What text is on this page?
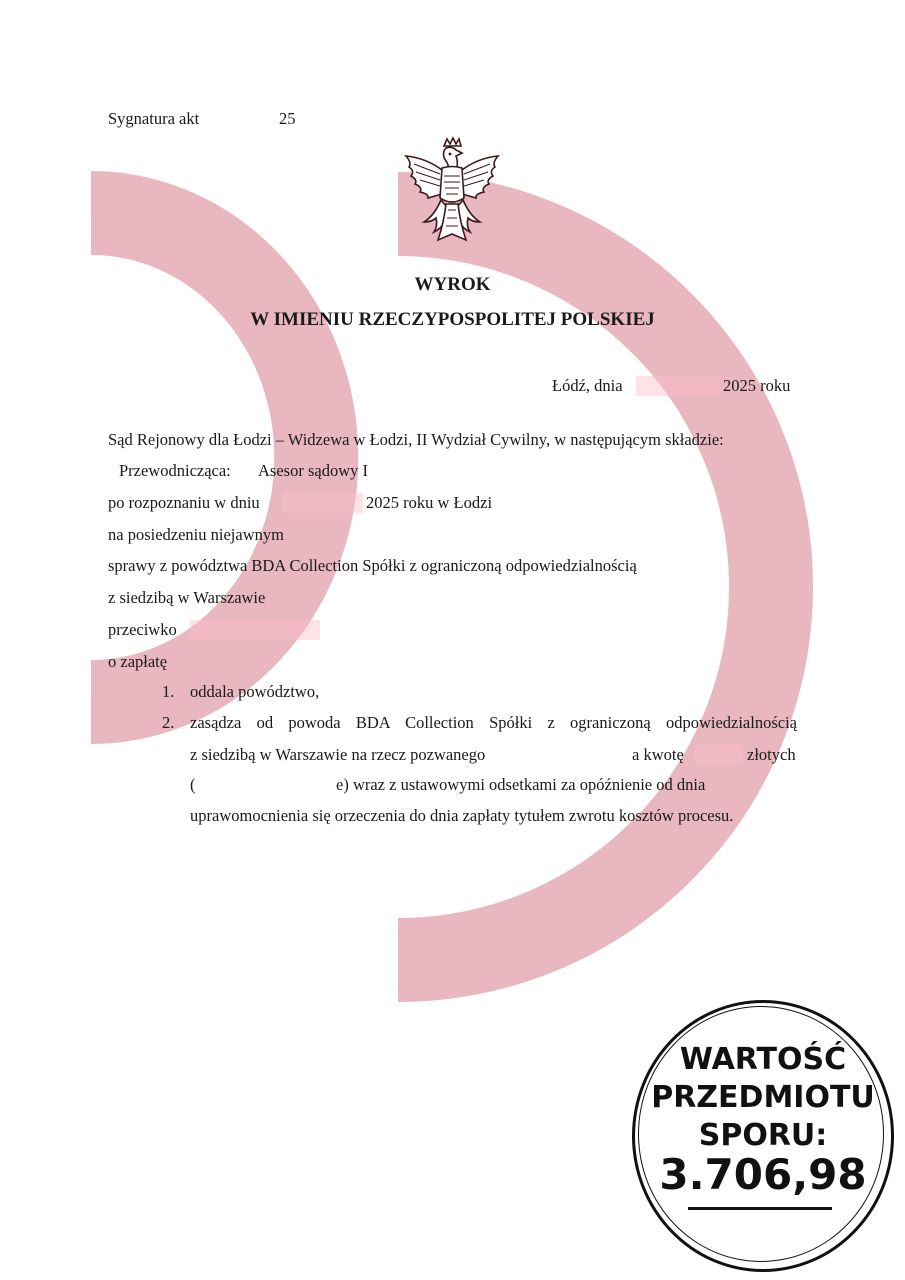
Sygnatura akt	25
WYROK
W IMIENIU RZECZYPOSPOLITEJ POLSKIEJ
Łódź, dnia	2025 roku
Sąd Rejonowy dla Łodzi – Widzewa w Łodzi, II Wydział Cywilny, w następującym składzie:
Przewodnicząca: Asesor sądowy I
po rozpoznaniu w dniu	2025 roku w Łodzi
na posiedzeniu niejawnym
sprawy z powództwa BDA Collection Spółki z ograniczoną odpowiedzialnością
z siedzibą w Warszawie
przeciwko
o zapłatę
1. oddala powództwo,
2. zasądza od powoda BDA Collection Spółki z ograniczoną odpowiedzialnością
z siedzibą w Warszawie na rzecz pozwanego	a kwotę	złotych
(	e) wraz z ustawowymi odsetkami za opóźnienie od dnia
uprawomocnienia się orzeczenia do dnia zapłaty tytułem zwrotu kosztów procesu.
WARTOŚĆ
PRZEDMIOTU
SPORU:
3.706,98
